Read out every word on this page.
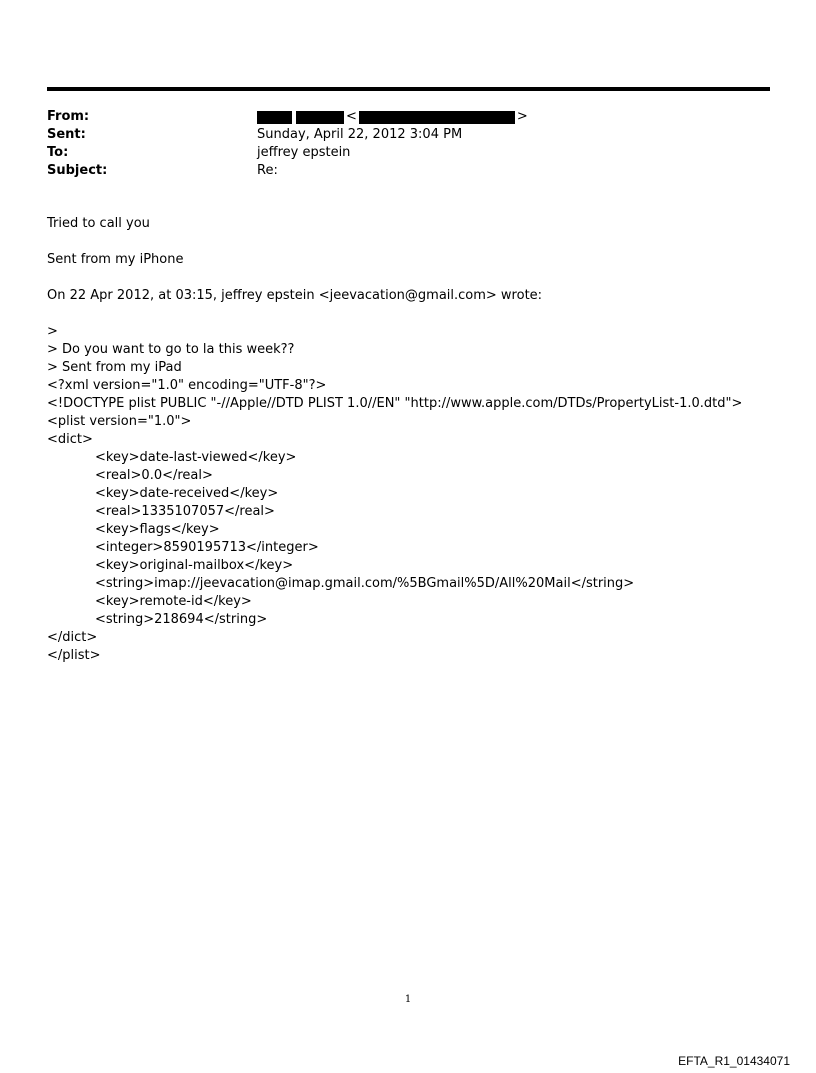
From:	<	>
Sent:	Sunday, April 22, 2012 3:04 PM
To:	jeffrey epstein
Subject:	Re:
Tried to call you
Sent from my iPhone
On 22 Apr 2012, at 03:15, jeffrey epstein <jeevacation@gmail.com> wrote:
>
> Do you want to go to la this week??
> Sent from my iPad
<?xml version="1.0" encoding="UTF-8"?>
<!DOCTYPE plist PUBLIC "-//Apple//DTD PLIST 1.0//EN" "http://www.apple.com/DTDs/PropertyList-1.0.dtd">
<plist version="1.0">
<dict>
<key>date-last-viewed</key>
<real>0.0</real>
<key>date-received</key>
<real>1335107057</real>
<key>flags</key>
<integer>8590195713</integer>
<key>original-mailbox</key>
<string>imap://jeevacation@imap.gmail.com/%5BGmail%5D/All%20Mail</string>
<key>remote-id</key>
<string>218694</string>
</dict>
</plist>
1
EFTA_R1_01434071
